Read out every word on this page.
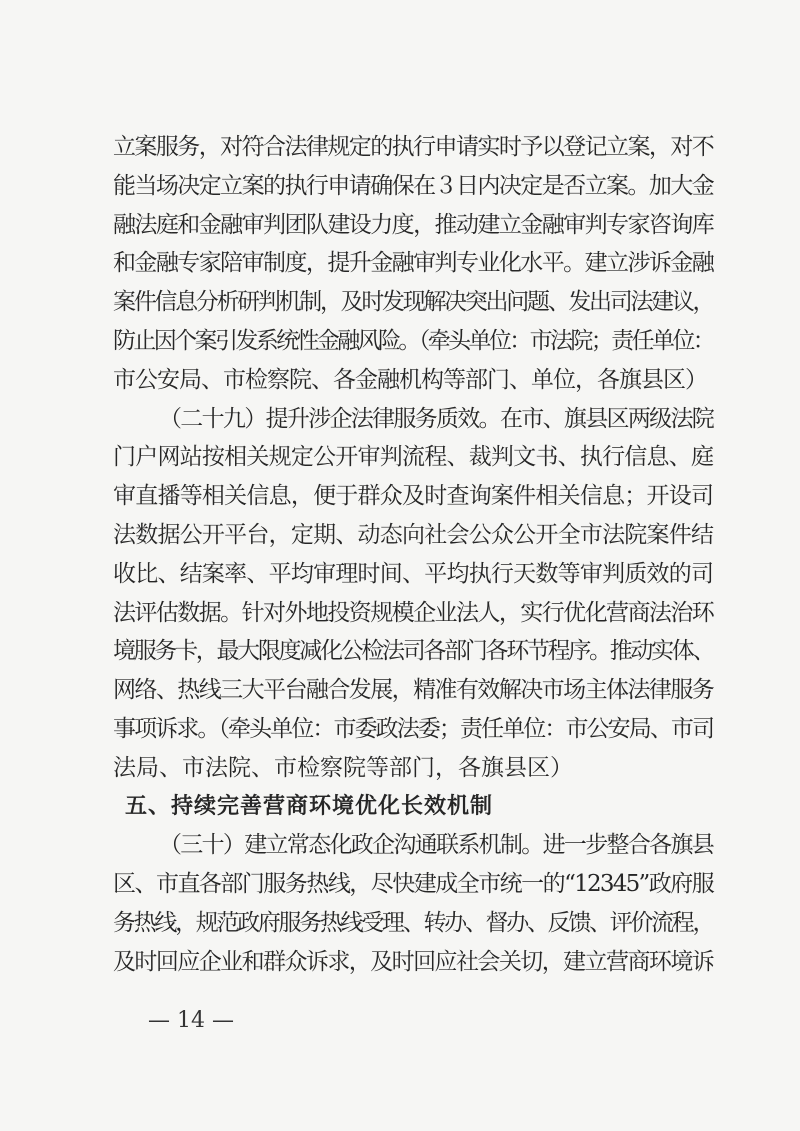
立案服务，对符合法律规定的执行申请实时予以登记立案，对不
能当场决定立案的执行申请确保在３日内决定是否立案。加大金
融法庭和金融审判团队建设力度，推动建立金融审判专家咨询库
和金融专家陪审制度，提升金融审判专业化水平。建立涉诉金融
案件信息分析研判机制，及时发现解决突出问题、发出司法建议，
防止因个案引发系统性金融风险。（牵头单位：市法院；责任单位：
市公安局、市检察院、各金融机构等部门、单位，各旗县区）

（二十九）提升涉企法律服务质效。在市、旗县区两级法院
门户网站按相关规定公开审判流程、裁判文书、执行信息、庭
审直播等相关信息，便于群众及时查询案件相关信息；开设司
法数据公开平台，定期、动态向社会公众公开全市法院案件结
收比、结案率、平均审理时间、平均执行天数等审判质效的司
法评估数据。针对外地投资规模企业法人，实行优化营商法治环
境服务卡，最大限度减化公检法司各部门各环节程序。推动实体、
网络、热线三大平台融合发展，精准有效解决市场主体法律服务
事项诉求。（牵头单位：市委政法委；责任单位：市公安局、市司
法局、市法院、市检察院等部门，各旗县区）

五、持续完善营商环境优化长效机制

（三十）建立常态化政企沟通联系机制。进一步整合各旗县
区、市直各部门服务热线，尽快建成全市统一的“12345”政府服
务热线，规范政府服务热线受理、转办、督办、反馈、评价流程，
及时回应企业和群众诉求，及时回应社会关切，建立营商环境诉

— 14 —
